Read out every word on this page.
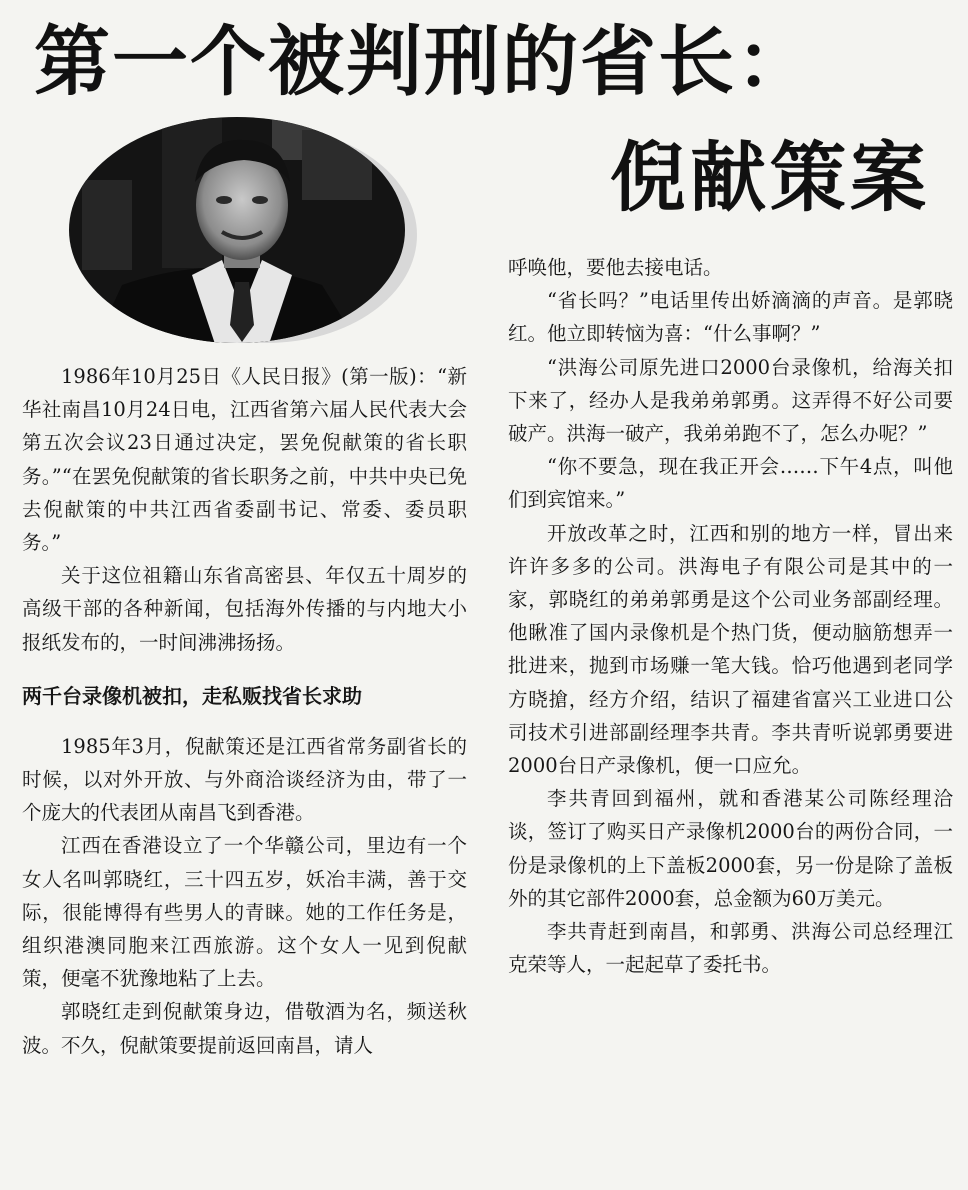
第一个被判刑的省长：
倪献策案

1986年10月25日《人民日报》(第一版)：“新华社南昌10月24日电，江西省第六届人民代表大会第五次会议23日通过决定，罢免倪献策的省长职务。”“在罢免倪献策的省长职务之前，中共中央已免去倪献策的中共江西省委副书记、常委、委员职务。”

关于这位祖籍山东省高密县、年仅五十周岁的高级干部的各种新闻，包括海外传播的与内地大小报纸发布的，一时间沸沸扬扬。

两千台录像机被扣，走私贩找省长求助

1985年3月，倪献策还是江西省常务副省长的时候，以对外开放、与外商洽谈经济为由，带了一个庞大的代表团从南昌飞到香港。

江西在香港设立了一个华赣公司，里边有一个女人名叫郭晓红，三十四五岁，妖冶丰满，善于交际，很能博得有些男人的青睐。她的工作任务是，组织港澳同胞来江西旅游。这个女人一见到倪献策，便毫不犹豫地粘了上去。

郭晓红走到倪献策身边，借敬酒为名，频送秋波。不久，倪献策要提前返回南昌，请人

呼唤他，要他去接电话。

“省长吗？”电话里传出娇滴滴的声音。是郭晓红。他立即转恼为喜：“什么事啊？”

“洪海公司原先进口2000台录像机，给海关扣下来了，经办人是我弟弟郭勇。这弄得不好公司要破产。洪海一破产，我弟弟跑不了，怎么办呢？”

“你不要急，现在我正开会……下午4点，叫他们到宾馆来。”

开放改革之时，江西和别的地方一样，冒出来许许多多的公司。洪海电子有限公司是其中的一家，郭晓红的弟弟郭勇是这个公司业务部副经理。他瞅准了国内录像机是个热门货，便动脑筋想弄一批进来，抛到市场赚一笔大钱。恰巧他遇到老同学方晓搶，经方介绍，结识了福建省富兴工业进口公司技术引进部副经理李共青。李共青听说郭勇要进2000台日产录像机，便一口应允。

李共青回到福州，就和香港某公司陈经理洽谈，签订了购买日产录像机2000台的两份合同，一份是录像机的上下盖板2000套，另一份是除了盖板外的其它部件2000套，总金额为60万美元。

李共青赶到南昌，和郭勇、洪海公司总经理江克荣等人，一起起草了委托书。
